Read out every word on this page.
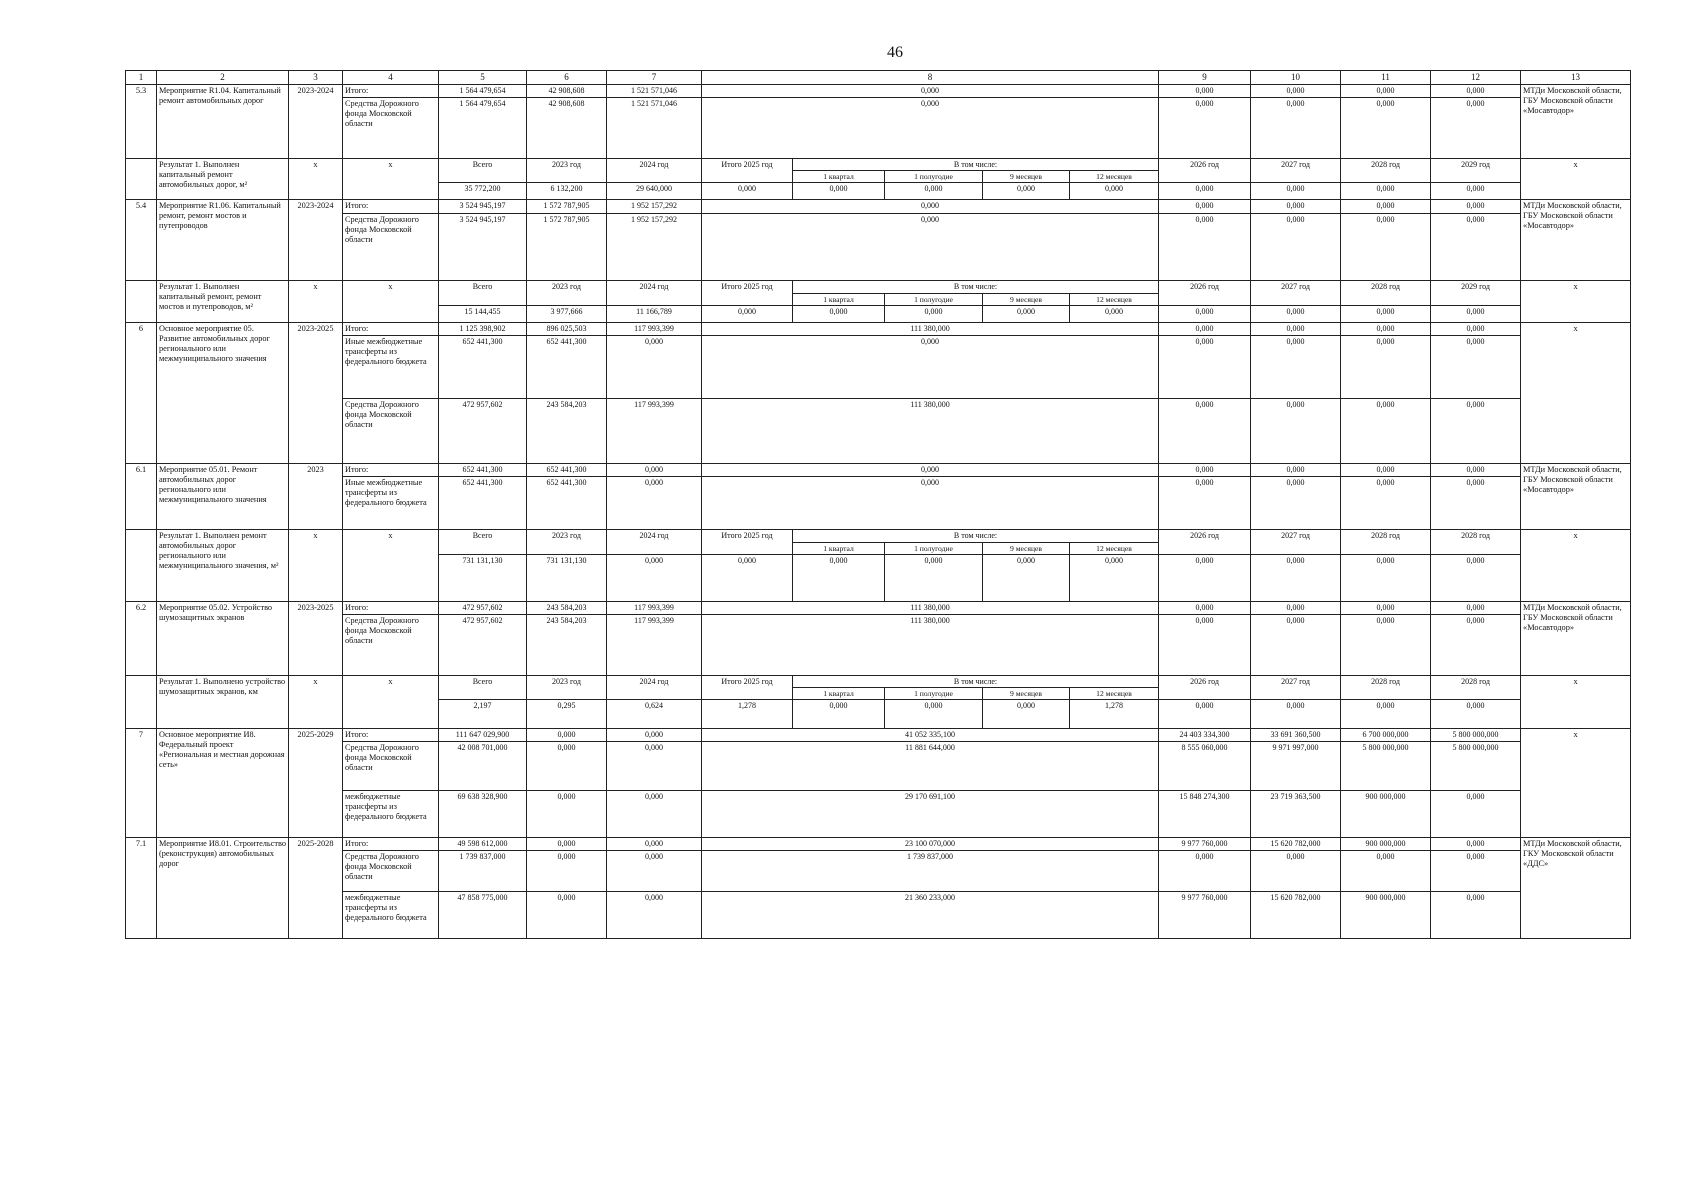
46
1	2	3	4	5	6	7	8					9	10	11	12	13
5.3	Мероприятие R1.04. Капитальный ремонт автомобильных дорог	2023-2024	Итого:	1 564 479,654	42 908,608	1 521 571,046	0,000					0,000	0,000	0,000	0,000	МТДи Московской области, ГБУ Московской области «Мосавтодор»
			Средства Дорожного фонда Московской области	1 564 479,654	42 908,608	1 521 571,046	0,000					0,000	0,000	0,000	0,000	
	Результат 1. Выполнен капитальный ремонт автомобильных дорог, м²	x	x	Всего	2023 год	2024 год	Итого 2025 год	В том числе:				2026 год	2027 год	2028 год	2029 год	x
								1 квартал	1 полугодие	9 месяцев	12 месяцев					
				35 772,200	6 132,200	29 640,000	0,000	0,000	0,000	0,000	0,000	0,000	0,000	0,000	0,000	
5.4	Мероприятие R1.06. Капитальный ремонт, ремонт мостов и путепроводов	2023-2024	Итого:	3 524 945,197	1 572 787,905	1 952 157,292	0,000					0,000	0,000	0,000	0,000	МТДи Московской области, ГБУ Московской области «Мосавтодор»
			Средства Дорожного фонда Московской области	3 524 945,197	1 572 787,905	1 952 157,292	0,000					0,000	0,000	0,000	0,000	
	Результат 1. Выполнен капитальный ремонт, ремонт мостов и путепроводов, м²	x	x	Всего	2023 год	2024 год	Итого 2025 год	В том числе:				2026 год	2027 год	2028 год	2029 год	x
								1 квартал	1 полугодие	9 месяцев	12 месяцев					
				15 144,455	3 977,666	11 166,789	0,000	0,000	0,000	0,000	0,000	0,000	0,000	0,000	0,000	
6	Основное мероприятие 05. Развитие автомобильных дорог регионального или межмуниципального значения	2023-2025	Итого:	1 125 398,902	896 025,503	117 993,399	111 380,000					0,000	0,000	0,000	0,000	x
			Иные межбюджетные трансферты из федерального бюджета	652 441,300	652 441,300	0,000	0,000					0,000	0,000	0,000	0,000	
			Средства Дорожного фонда Московской области	472 957,602	243 584,203	117 993,399	111 380,000					0,000	0,000	0,000	0,000	
6.1	Мероприятие 05.01. Ремонт автомобильных дорог регионального или межмуниципального значения	2023	Итого:	652 441,300	652 441,300	0,000	0,000					0,000	0,000	0,000	0,000	МТДи Московской области, ГБУ Московской области «Мосавтодор»
			Иные межбюджетные трансферты из федерального бюджета	652 441,300	652 441,300	0,000	0,000					0,000	0,000	0,000	0,000	
	Результат 1. Выполнен ремонт автомобильных дорог регионального или межмуниципального значения, м²	x	x	Всего	2023 год	2024 год	Итого 2025 год	В том числе:				2026 год	2027 год	2028 год	2028 год	x
								1 квартал	1 полугодие	9 месяцев	12 месяцев					
				731 131,130	731 131,130	0,000	0,000	0,000	0,000	0,000	0,000	0,000	0,000	0,000	0,000	
6.2	Мероприятие 05.02. Устройство шумозащитных экранов	2023-2025	Итого:	472 957,602	243 584,203	117 993,399	111 380,000					0,000	0,000	0,000	0,000	МТДи Московской области, ГБУ Московской области «Мосавтодор»
			Средства Дорожного фонда Московской области	472 957,602	243 584,203	117 993,399	111 380,000					0,000	0,000	0,000	0,000	
	Результат 1. Выполнено устройство шумозащитных экранов, км	x	x	Всего	2023 год	2024 год	Итого 2025 год	В том числе:				2026 год	2027 год	2028 год	2028 год	x
								1 квартал	1 полугодие	9 месяцев	12 месяцев					
				2,197	0,295	0,624	1,278	0,000	0,000	0,000	1,278	0,000	0,000	0,000	0,000	
7	Основное мероприятие И8. Федеральный проект «Региональная и местная дорожная сеть»	2025-2029	Итого:	111 647 029,900	0,000	0,000	41 052 335,100					24 403 334,300	33 691 360,500	6 700 000,000	5 800 000,000	x
			Средства Дорожного фонда Московской области	42 008 701,000	0,000	0,000	11 881 644,000					8 555 060,000	9 971 997,000	5 800 000,000	5 800 000,000	
			межбюджетные трансферты из федерального бюджета	69 638 328,900	0,000	0,000	29 170 691,100					15 848 274,300	23 719 363,500	900 000,000	0,000	
7.1	Мероприятие И8.01. Строительство (реконструкция) автомобильных дорог	2025-2028	Итого:	49 598 612,000	0,000	0,000	23 100 070,000					9 977 760,000	15 620 782,000	900 000,000	0,000	МТДи Московской области, ГКУ Московской области «ДДС»
			Средства Дорожного фонда Московской области	1 739 837,000	0,000	0,000	1 739 837,000					0,000	0,000	0,000	0,000	
			межбюджетные трансферты из федерального бюджета	47 858 775,000	0,000	0,000	21 360 233,000					9 977 760,000	15 620 782,000	900 000,000	0,000	
